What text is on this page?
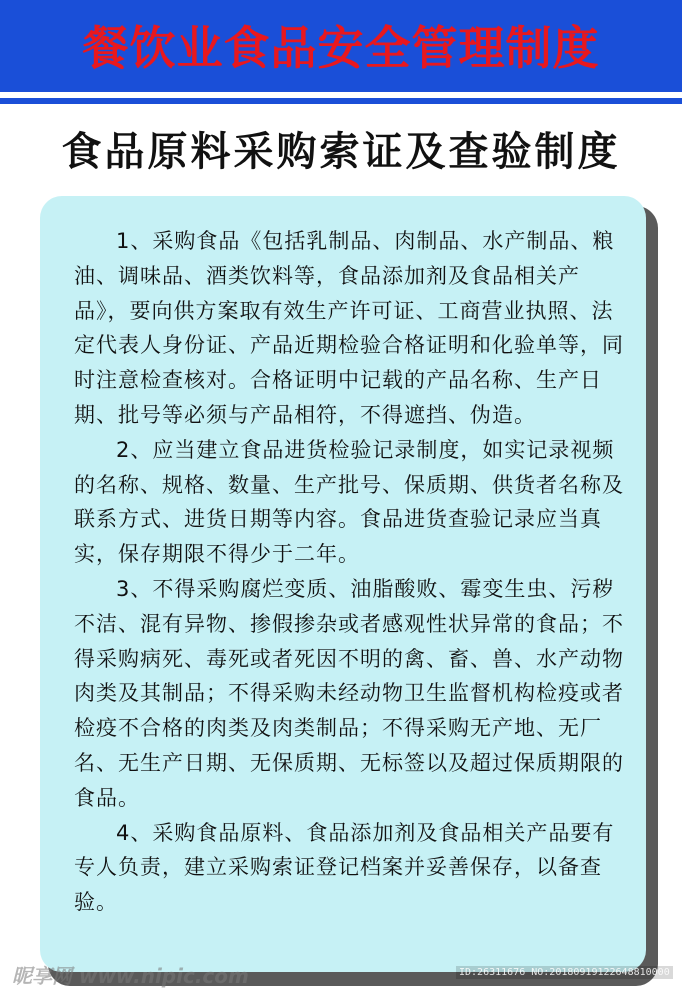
餐饮业食品安全管理制度
食品原料采购索证及查验制度

1、采购食品《包括乳制品、肉制品、水产制品、粮油、调味品、酒类饮料等，食品添加剂及食品相关产品》，要向供方案取有效生产许可证、工商营业执照、法定代表人身份证、产品近期检验合格证明和化验单等，同时注意检查核对。合格证明中记载的产品名称、生产日期、批号等必须与产品相符，不得遮挡、伪造。

2、应当建立食品进货检验记录制度，如实记录视频的名称、规格、数量、生产批号、保质期、供货者名称及联系方式、进货日期等内容。食品进货查验记录应当真实，保存期限不得少于二年。

3、不得采购腐烂变质、油脂酸败、霉变生虫、污秽不洁、混有异物、掺假掺杂或者感观性状异常的食品；不得采购病死、毒死或者死因不明的禽、畜、兽、水产动物肉类及其制品；不得采购未经动物卫生监督机构检疫或者检疫不合格的肉类及肉类制品；不得采购无产地、无厂名、无生产日期、无保质期、无标签以及超过保质期限的食品。

4、采购食品原料、食品添加剂及食品相关产品要有专人负责，建立采购索证登记档案并妥善保存，以备查验。

昵享网 www.nipic.com	ID:26311676 NO:20180919122648810000
